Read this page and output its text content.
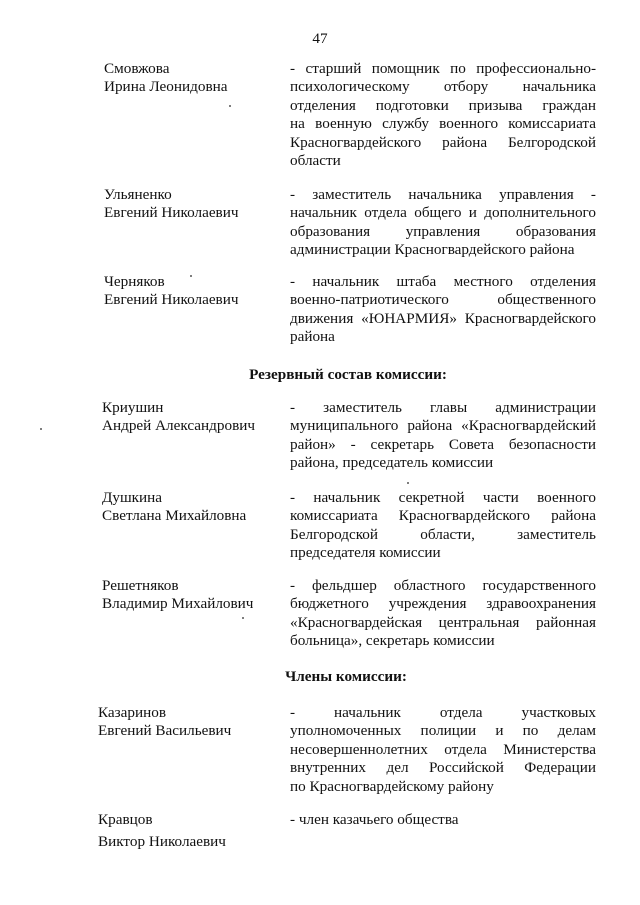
47
Смовжова
Ирина Леонидовна
- старший помощник по профессионально-
психологическому отбору начальника
отделения подготовки призыва граждан
на военную службу военного комиссариата
Красногвардейского района Белгородской
области
Ульяненко
Евгений Николаевич
- заместитель начальника управления -
начальник отдела общего и дополнительного
образования управления образования
администрации Красногвардейского района
Черняков
Евгений Николаевич
- начальник штаба местного отделения
военно-патриотического общественного
движения «ЮНАРМИЯ» Красногвардейского
района
Резервный состав комиссии:
Криушин
Андрей Александрович
- заместитель главы администрации
муниципального района «Красногвардейский
район» - секретарь Совета безопасности
района, председатель комиссии
Душкина
Светлана Михайловна
- начальник секретной части военного
комиссариата Красногвардейского района
Белгородской области, заместитель
председателя комиссии
Решетняков
Владимир Михайлович
- фельдшер областного государственного
бюджетного учреждения здравоохранения
«Красногвардейская центральная районная
больница», секретарь комиссии
Члены комиссии:
Казаринов
Евгений Васильевич
- начальник отдела участковых
уполномоченных полиции и по делам
несовершеннолетних отдела Министерства
внутренних дел Российской Федерации
по Красногвардейскому району
Кравцов
Виктор Николаевич
- член казачьего общества
